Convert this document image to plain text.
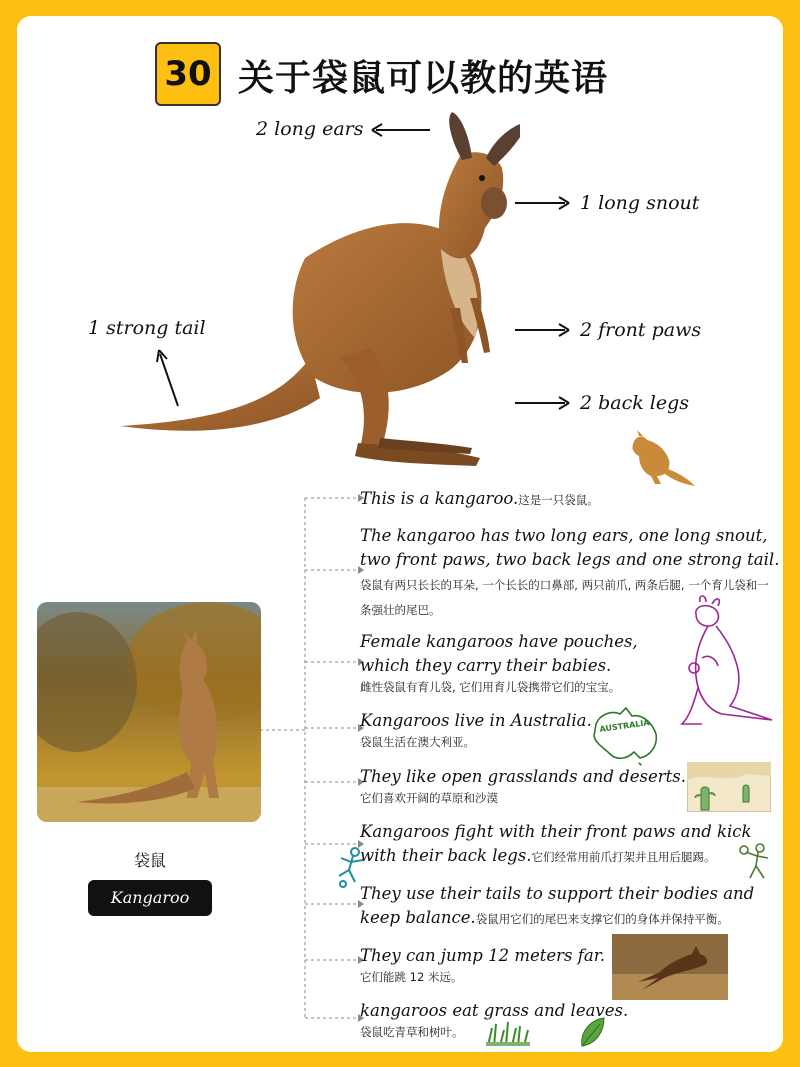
30 关于袋鼠可以教的英语
2 long ears
1 long snout
1 strong tail	2 front paws
2 back legs
袋鼠
Kangaroo
This is a kangaroo.这是一只袋鼠。
The kangaroo has two long ears, one long snout, two front paws, two back legs and one strong tail.袋鼠有两只长长的耳朵, 一个长长的口鼻部, 两只前爪, 两条后腿, 一个育儿袋和一条强壮的尾巴。
Female kangaroos have pouches, which they carry their babies.
雌性袋鼠有育儿袋, 它们用育儿袋携带它们的宝宝。
Kangaroos live in Australia.
袋鼠生活在澳大利亚。
They like open grasslands and deserts.
它们喜欢开阔的草原和沙漠
Kangaroos fight with their front paws and kick with their back legs.它们经常用前爪打架并且用后腿踢。
They use their tails to support their bodies and keep balance.袋鼠用它们的尾巴来支撑它们的身体并保持平衡。
They can jump 12 meters far.
它们能跳 12 米远。
kangaroos eat grass and leaves.
袋鼠吃青草和树叶。
AUSTRALIA
